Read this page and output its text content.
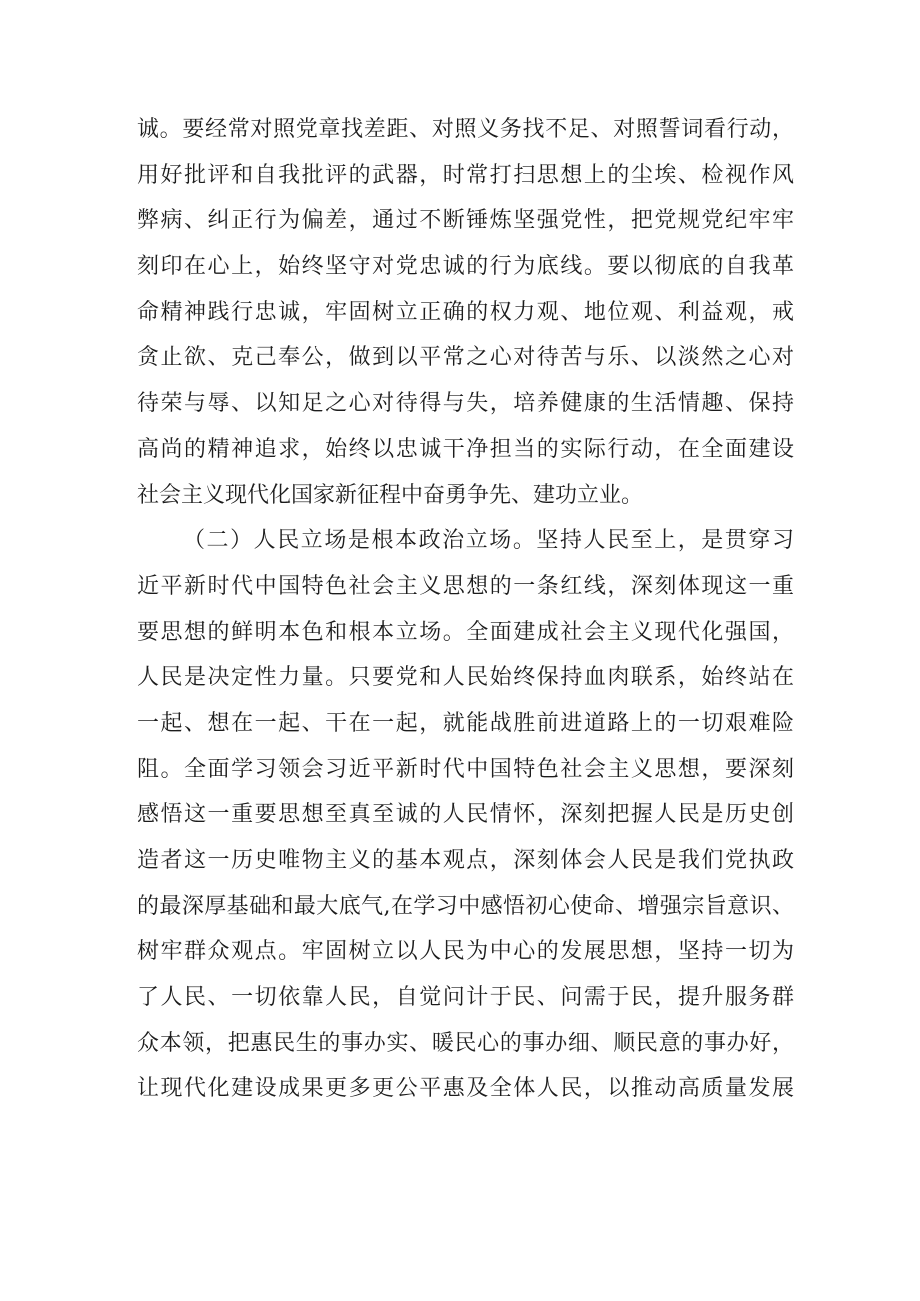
诚。要经常对照党章找差距、对照义务找不足、对照誓词看行动，
用好批评和自我批评的武器，时常打扫思想上的尘埃、检视作风
弊病、纠正行为偏差，通过不断锤炼坚强党性，把党规党纪牢牢
刻印在心上，始终坚守对党忠诚的行为底线。要以彻底的自我革
命精神践行忠诚，牢固树立正确的权力观、地位观、利益观，戒
贪止欲、克己奉公，做到以平常之心对待苦与乐、以淡然之心对
待荣与辱、以知足之心对待得与失，培养健康的生活情趣、保持
高尚的精神追求，始终以忠诚干净担当的实际行动，在全面建设
社会主义现代化国家新征程中奋勇争先、建功立业。
（二）人民立场是根本政治立场。坚持人民至上，是贯穿习
近平新时代中国特色社会主义思想的一条红线，深刻体现这一重
要思想的鲜明本色和根本立场。全面建成社会主义现代化强国，
人民是决定性力量。只要党和人民始终保持血肉联系，始终站在
一起、想在一起、干在一起，就能战胜前进道路上的一切艰难险
阻。全面学习领会习近平新时代中国特色社会主义思想，要深刻
感悟这一重要思想至真至诚的人民情怀，深刻把握人民是历史创
造者这一历史唯物主义的基本观点，深刻体会人民是我们党执政
的最深厚基础和最大底气,在学习中感悟初心使命、增强宗旨意识、
树牢群众观点。牢固树立以人民为中心的发展思想，坚持一切为
了人民、一切依靠人民，自觉问计于民、问需于民，提升服务群
众本领，把惠民生的事办实、暖民心的事办细、顺民意的事办好，
让现代化建设成果更多更公平惠及全体人民，以推动高质量发展
